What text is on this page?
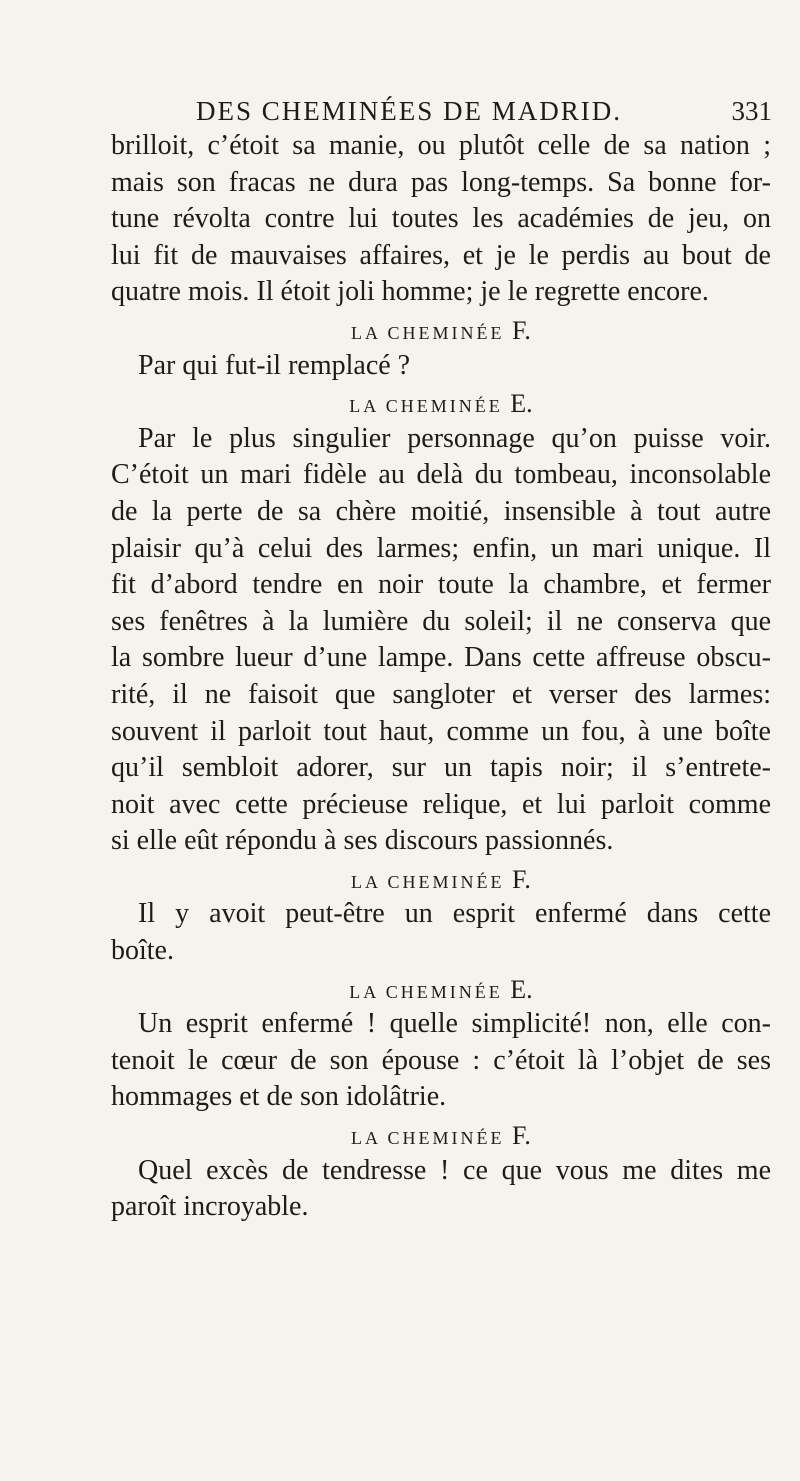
DES CHEMINÉES DE MADRID.	331
brilloit, c’étoit sa manie, ou plutôt celle de sa nation ;
mais son fracas ne dura pas long-temps. Sa bonne for-
tune révolta contre lui toutes les académies de jeu, on
lui fit de mauvaises affaires, et je le perdis au bout de
quatre mois. Il étoit joli homme; je le regrette encore.
LA CHEMINÉE F.
Par qui fut-il remplacé ?
LA CHEMINÉE E.
Par le plus singulier personnage qu’on puisse voir.
C’étoit un mari fidèle au delà du tombeau, inconsolable
de la perte de sa chère moitié, insensible à tout autre
plaisir qu’à celui des larmes; enfin, un mari unique. Il
fit d’abord tendre en noir toute la chambre, et fermer
ses fenêtres à la lumière du soleil; il ne conserva que
la sombre lueur d’une lampe. Dans cette affreuse obscu-
rité, il ne faisoit que sangloter et verser des larmes:
souvent il parloit tout haut, comme un fou, à une boîte
qu’il sembloit adorer, sur un tapis noir; il s’entrete-
noit avec cette précieuse relique, et lui parloit comme
si elle eût répondu à ses discours passionnés.
LA CHEMINÉE F.
Il y avoit peut-être un esprit enfermé dans cette
boîte.
LA CHEMINÉE E.
Un esprit enfermé ! quelle simplicité! non, elle con-
tenoit le cœur de son épouse : c’étoit là l’objet de ses
hommages et de son idolâtrie.
LA CHEMINÉE F.
Quel excès de tendresse ! ce que vous me dites me
paroît incroyable.
